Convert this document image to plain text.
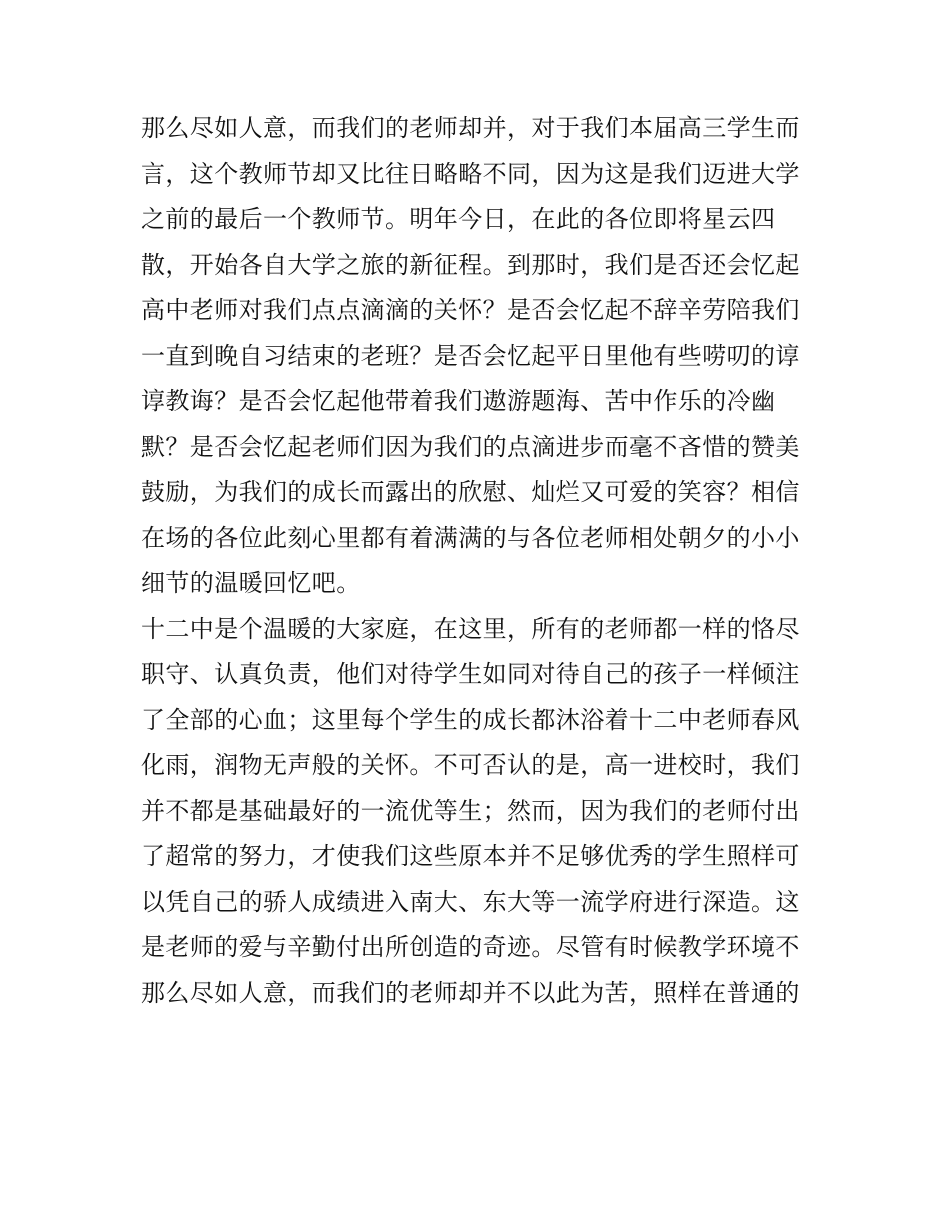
那么尽如人意，而我们的老师却并，对于我们本届高三学生而
言，这个教师节却又比往日略略不同，因为这是我们迈进大学
之前的最后一个教师节。明年今日，在此的各位即将星云四
散，开始各自大学之旅的新征程。到那时，我们是否还会忆起
高中老师对我们点点滴滴的关怀？是否会忆起不辞辛劳陪我们
一直到晚自习结束的老班？是否会忆起平日里他有些唠叨的谆
谆教诲？是否会忆起他带着我们遨游题海、苦中作乐的冷幽
默？是否会忆起老师们因为我们的点滴进步而毫不吝惜的赞美
鼓励，为我们的成长而露出的欣慰、灿烂又可爱的笑容？相信
在场的各位此刻心里都有着满满的与各位老师相处朝夕的小小
细节的温暖回忆吧。
十二中是个温暖的大家庭，在这里，所有的老师都一样的恪尽
职守、认真负责，他们对待学生如同对待自己的孩子一样倾注
了全部的心血；这里每个学生的成长都沐浴着十二中老师春风
化雨，润物无声般的关怀。不可否认的是，高一进校时，我们
并不都是基础最好的一流优等生；然而，因为我们的老师付出
了超常的努力，才使我们这些原本并不足够优秀的学生照样可
以凭自己的骄人成绩进入南大、东大等一流学府进行深造。这
是老师的爱与辛勤付出所创造的奇迹。尽管有时候教学环境不
那么尽如人意，而我们的老师却并不以此为苦，照样在普通的
